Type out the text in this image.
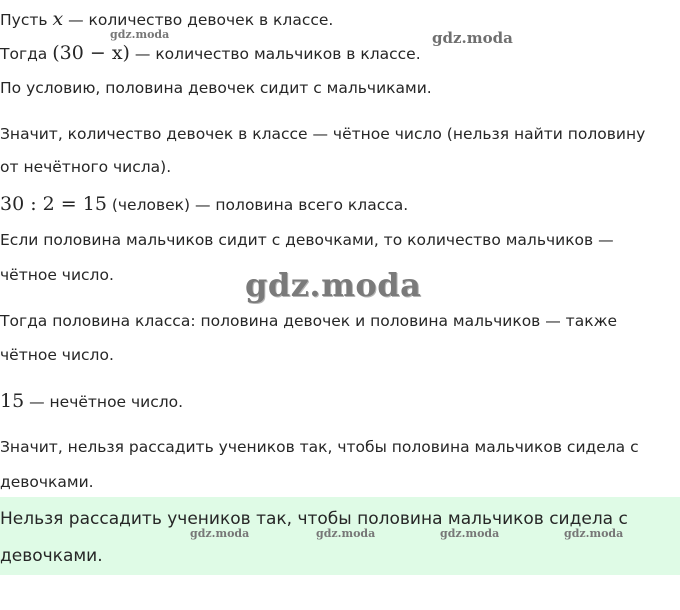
Пусть x — количество девочек в классе.
Тогда (30 − x) — количество мальчиков в классе.
По условию, половина девочек сидит с мальчиками.
Значит, количество девочек в классе — чётное число (нельзя найти половину
от нечётного числа).
30 : 2 = 15 (человек) — половина всего класса.
Если половина мальчиков сидит с девочками, то количество мальчиков —
чётное число.
Тогда половина класса: половина девочек и половина мальчиков — также
чётное число.
15 — нечётное число.
Значит, нельзя рассадить учеников так, чтобы половина мальчиков сидела с
девочками.
Нельзя рассадить учеников так, чтобы половина мальчиков сидела с
девочками.
gdz.moda	gdz.moda
gdz.moda
gdz.moda	gdz.moda	gdz.moda	gdz.moda
